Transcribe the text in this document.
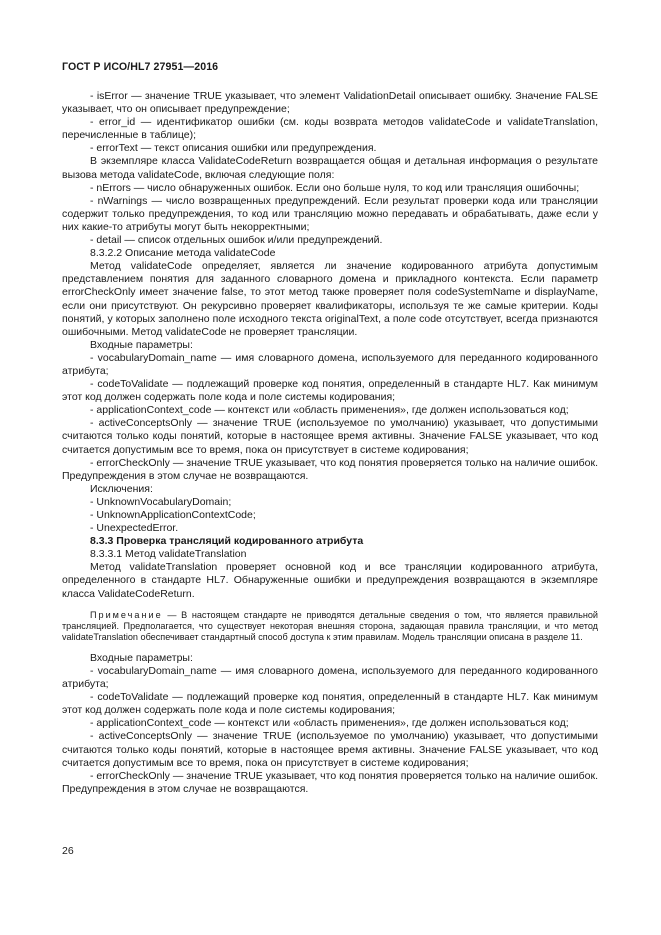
ГОСТ Р ИСО/HL7 27951—2016

- isError — значение TRUE указывает, что элемент ValidationDetail описывает ошибку. Значение FALSE указывает, что он описывает предупреждение;

- error_id — идентификатор ошибки (см. коды возврата методов validateCode и validateTranslation, перечисленные в таблице);

- errorText — текст описания ошибки или предупреждения.

В экземпляре класса ValidateCodeReturn возвращается общая и детальная информация о результате вызова метода validateCode, включая следующие поля:

- nErrors — число обнаруженных ошибок. Если оно больше нуля, то код или трансляция ошибочны;

- nWarnings — число возвращенных предупреждений. Если результат проверки кода или трансляции содержит только предупреждения, то код или трансляцию можно передавать и обрабатывать, даже если у них какие-то атрибуты могут быть некорректными;

- detail — список отдельных ошибок и/или предупреждений.

8.3.2.2 Описание метода validateCode

Метод validateCode определяет, является ли значение кодированного атрибута допустимым представлением понятия для заданного словарного домена и прикладного контекста. Если параметр errorCheckOnly имеет значение false, то этот метод также проверяет поля codeSystemName и displayName, если они присутствуют. Он рекурсивно проверяет квалификаторы, используя те же самые критерии. Коды понятий, у которых заполнено поле исходного текста originalText, а поле code отсутствует, всегда признаются ошибочными. Метод validateCode не проверяет трансляции.

Входные параметры:

- vocabularyDomain_name — имя словарного домена, используемого для переданного кодированного атрибута;

- codeToValidate — подлежащий проверке код понятия, определенный в стандарте HL7. Как минимум этот код должен содержать поле кода и поле системы кодирования;

- applicationContext_code — контекст или «область применения», где должен использоваться код;

- activeConceptsOnly — значение TRUE (используемое по умолчанию) указывает, что допустимыми считаются только коды понятий, которые в настоящее время активны. Значение FALSE указывает, что код считается допустимым все то время, пока он присутствует в системе кодирования;

- errorCheckOnly — значение TRUE указывает, что код понятия проверяется только на наличие ошибок. Предупреждения в этом случае не возвращаются.

Исключения:

- UnknownVocabularyDomain;

- UnknownApplicationContextCode;

- UnexpectedError.

8.3.3 Проверка трансляций кодированного атрибута

8.3.3.1 Метод validateTranslation

Метод validateTranslation проверяет основной код и все трансляции кодированного атрибута, определенного в стандарте HL7. Обнаруженные ошибки и предупреждения возвращаются в экземпляре класса ValidateCodeReturn.

Примечание — В настоящем стандарте не приводятся детальные сведения о том, что является правильной трансляцией. Предполагается, что существует некоторая внешняя сторона, задающая правила трансляции, и что метод validateTranslation обеспечивает стандартный способ доступа к этим правилам. Модель трансляции описана в разделе 11.

Входные параметры:

- vocabularyDomain_name — имя словарного домена, используемого для переданного кодированного атрибута;

- codeToValidate — подлежащий проверке код понятия, определенный в стандарте HL7. Как минимум этот код должен содержать поле кода и поле системы кодирования;

- applicationContext_code — контекст или «область применения», где должен использоваться код;

- activeConceptsOnly — значение TRUE (используемое по умолчанию) указывает, что допустимыми считаются только коды понятий, которые в настоящее время активны. Значение FALSE указывает, что код считается допустимым все то время, пока он присутствует в системе кодирования;

- errorCheckOnly — значение TRUE указывает, что код понятия проверяется только на наличие ошибок. Предупреждения в этом случае не возвращаются.

26
